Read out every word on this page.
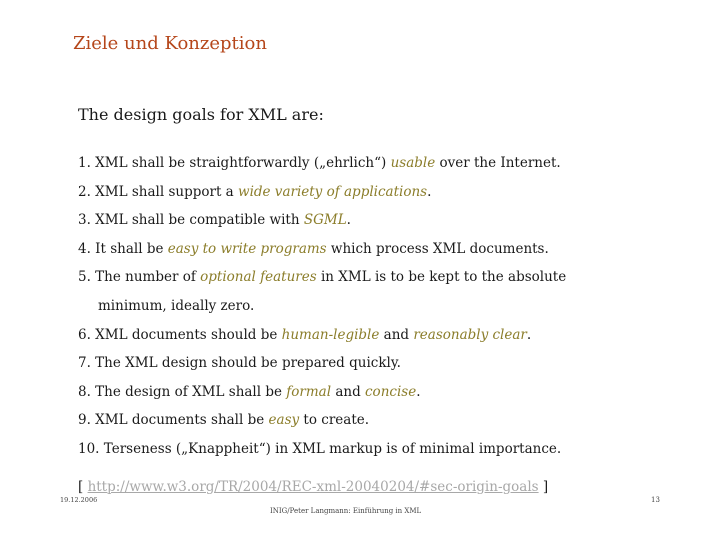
Ziele und Konzeption
The design goals for XML are:
1. XML shall be straightforwardly („ehrlich“) usable over the Internet.
2. XML shall support a wide variety of applications.
3. XML shall be compatible with SGML.
4. It shall be easy to write programs which process XML documents.
5. The number of optional features in XML is to be kept to the absolute
minimum, ideally zero.
6. XML documents should be human-legible and reasonably clear.
7. The XML design should be prepared quickly.
8. The design of XML shall be formal and concise.
9. XML documents shall be easy to create.
10. Terseness („Knappheit“) in XML markup is of minimal importance.
[ http://www.w3.org/TR/2004/REC-xml-20040204/#sec-origin-goals ]
19.12.2006
INIG/Peter Langmann: Einführung in XML
13
